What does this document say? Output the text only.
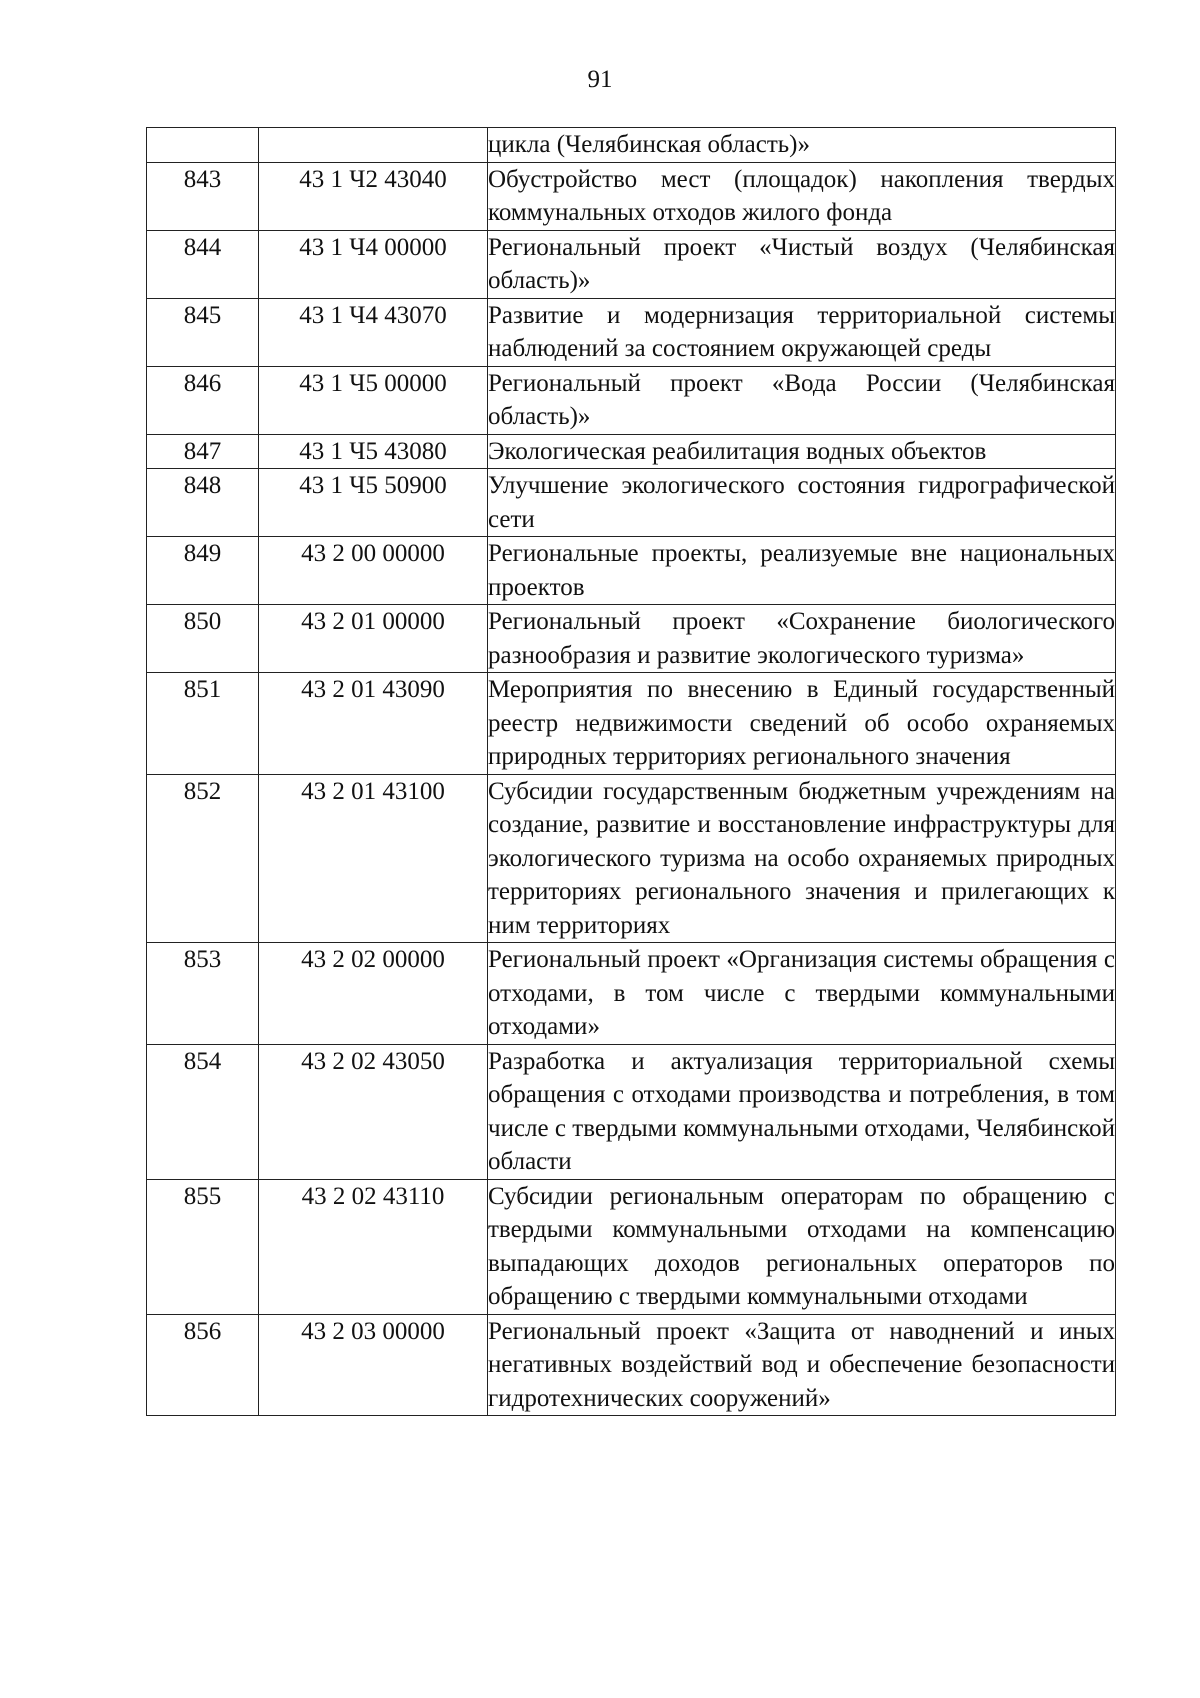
91
		цикла (Челябинская область)»
843	43 1 Ч2 43040	Обустройство мест (площадок) накопления твердых коммунальных отходов жилого фонда
844	43 1 Ч4 00000	Региональный проект «Чистый воздух (Челябинская область)»
845	43 1 Ч4 43070	Развитие и модернизация территориальной системы наблюдений за состоянием окружающей среды
846	43 1 Ч5 00000	Региональный проект «Вода России (Челябинская область)»
847	43 1 Ч5 43080	Экологическая реабилитация водных объектов
848	43 1 Ч5 50900	Улучшение экологического состояния гидрографической сети
849	43 2 00 00000	Региональные проекты, реализуемые вне национальных проектов
850	43 2 01 00000	Региональный проект «Сохранение биологического разнообразия и развитие экологического туризма»
851	43 2 01 43090	Мероприятия по внесению в Единый государственный реестр недвижимости сведений об особо охраняемых природных территориях регионального значения
852	43 2 01 43100	Субсидии государственным бюджетным учреждениям на создание, развитие и восстановление инфраструктуры для экологического туризма на особо охраняемых природных территориях регионального значения и прилегающих к ним территориях
853	43 2 02 00000	Региональный проект «Организация системы обращения с отходами, в том числе с твердыми коммунальными отходами»
854	43 2 02 43050	Разработка и актуализация территориальной схемы обращения с отходами производства и потребления, в том числе с твердыми коммунальными отходами, Челябинской области
855	43 2 02 43110	Субсидии региональным операторам по обращению с твердыми коммунальными отходами на компенсацию выпадающих доходов региональных операторов по обращению с твердыми коммунальными отходами
856	43 2 03 00000	Региональный проект «Защита от наводнений и иных негативных воздействий вод и обеспечение безопасности гидротехнических сооружений»
